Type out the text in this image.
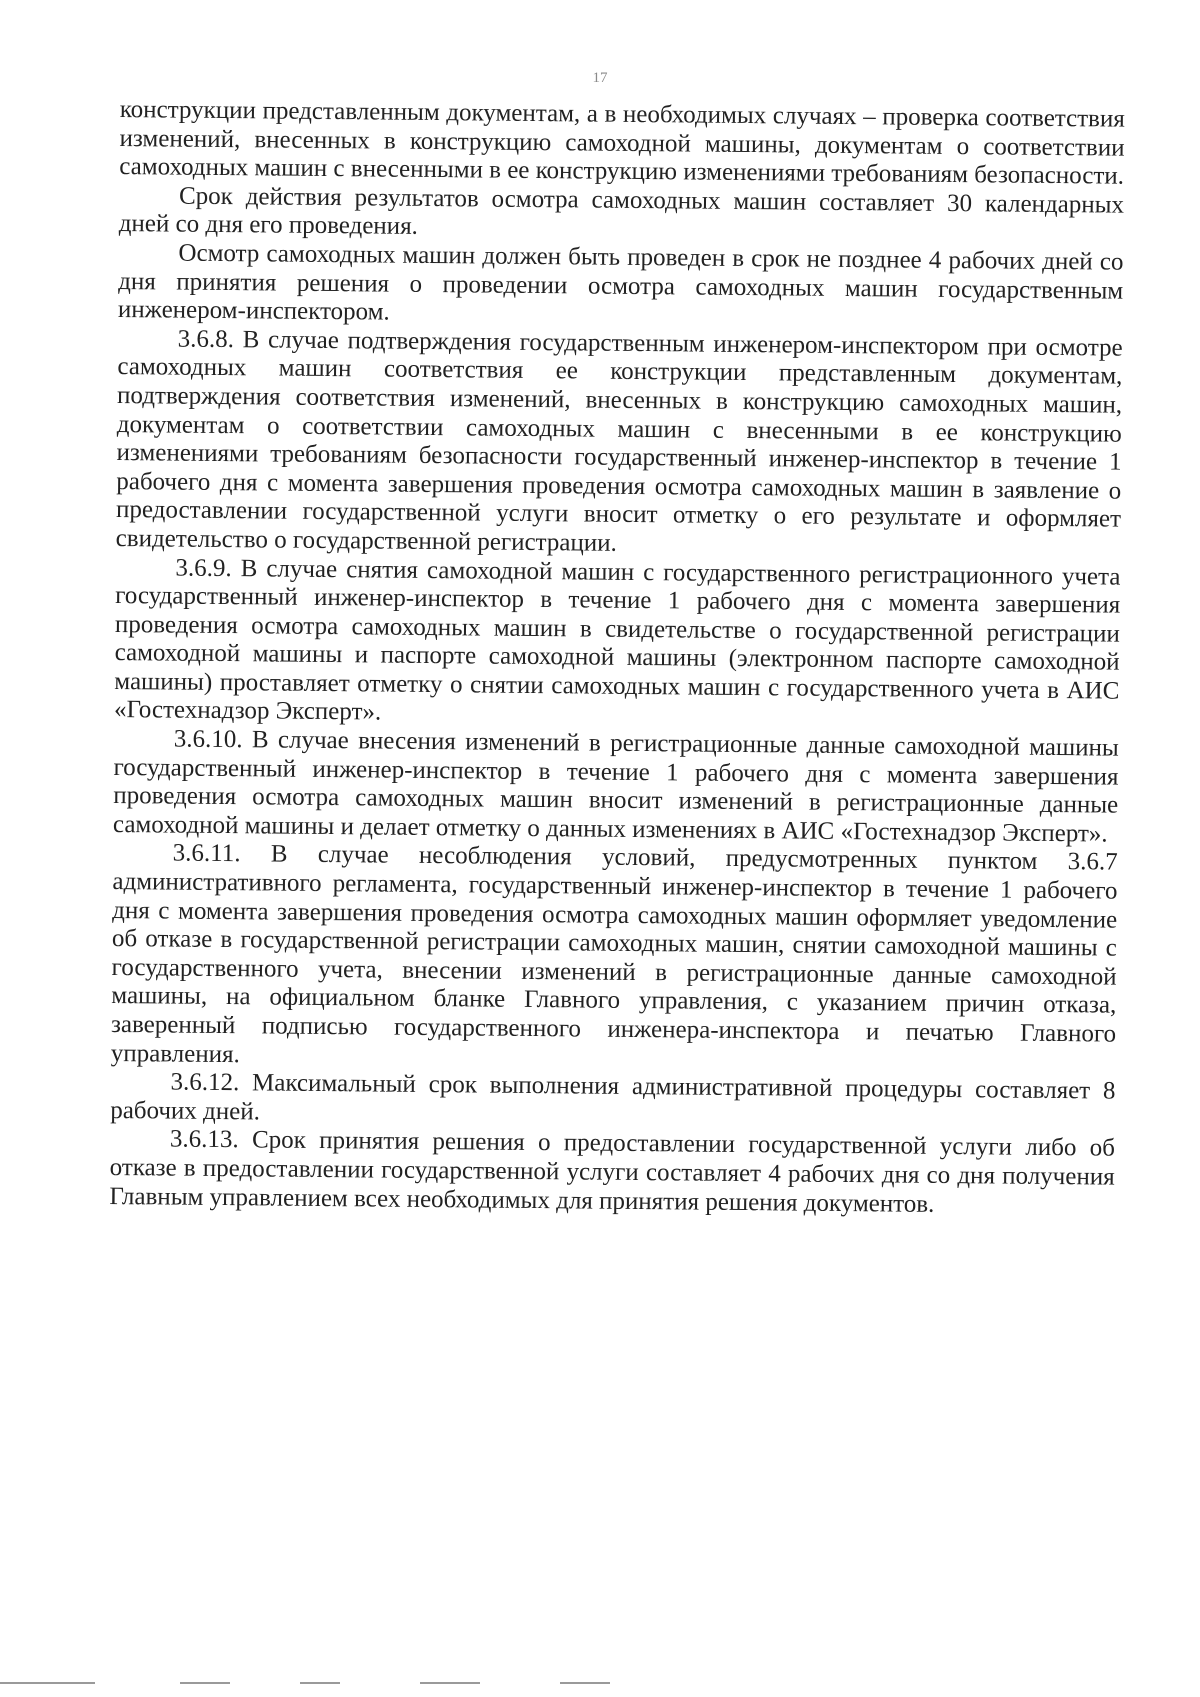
17

конструкции представленным документам, а в необходимых случаях – проверка соответствия изменений, внесенных в конструкцию самоходной машины, документам о соответствии самоходных машин с внесенными в ее конструкцию изменениями требованиям безопасности.

Срок действия результатов осмотра самоходных машин составляет 30 календарных дней со дня его проведения.

Осмотр самоходных машин должен быть проведен в срок не позднее 4 рабочих дней со дня принятия решения о проведении осмотра самоходных машин государственным инженером-инспектором.

3.6.8. В случае подтверждения государственным инженером-инспектором при осмотре самоходных машин соответствия ее конструкции представленным документам, подтверждения соответствия изменений, внесенных в конструкцию самоходных машин, документам о соответствии самоходных машин с внесенными в ее конструкцию изменениями требованиям безопасности государственный инженер-инспектор в течение 1 рабочего дня с момента завершения проведения осмотра самоходных машин в заявление о предоставлении государственной услуги вносит отметку о его результате и оформляет свидетельство о государственной регистрации.

3.6.9. В случае снятия самоходной машин с государственного регистрационного учета государственный инженер-инспектор в течение 1 рабочего дня с момента завершения проведения осмотра самоходных машин в свидетельстве о государственной регистрации самоходной машины и паспорте самоходной машины (электронном паспорте самоходной машины) проставляет отметку о снятии самоходных машин с государственного учета в АИС «Гостехнадзор Эксперт».

3.6.10. В случае внесения изменений в регистрационные данные самоходной машины государственный инженер-инспектор в течение 1 рабочего дня с момента завершения проведения осмотра самоходных машин вносит изменений в регистрационные данные самоходной машины и делает отметку о данных изменениях в АИС «Гостехнадзор Эксперт».

3.6.11. В случае несоблюдения условий, предусмотренных пунктом 3.6.7 административного регламента, государственный инженер-инспектор в течение 1 рабочего дня с момента завершения проведения осмотра самоходных машин оформляет уведомление об отказе в государственной регистрации самоходных машин, снятии самоходной машины с государственного учета, внесении изменений в регистрационные данные самоходной машины, на официальном бланке Главного управления, с указанием причин отказа, заверенный подписью государственного инженера-инспектора и печатью Главного управления.

3.6.12. Максимальный срок выполнения административной процедуры составляет 8 рабочих дней.

3.6.13. Срок принятия решения о предоставлении государственной услуги либо об отказе в предоставлении государственной услуги составляет 4 рабочих дня со дня получения Главным управлением всех необходимых для принятия решения документов.
